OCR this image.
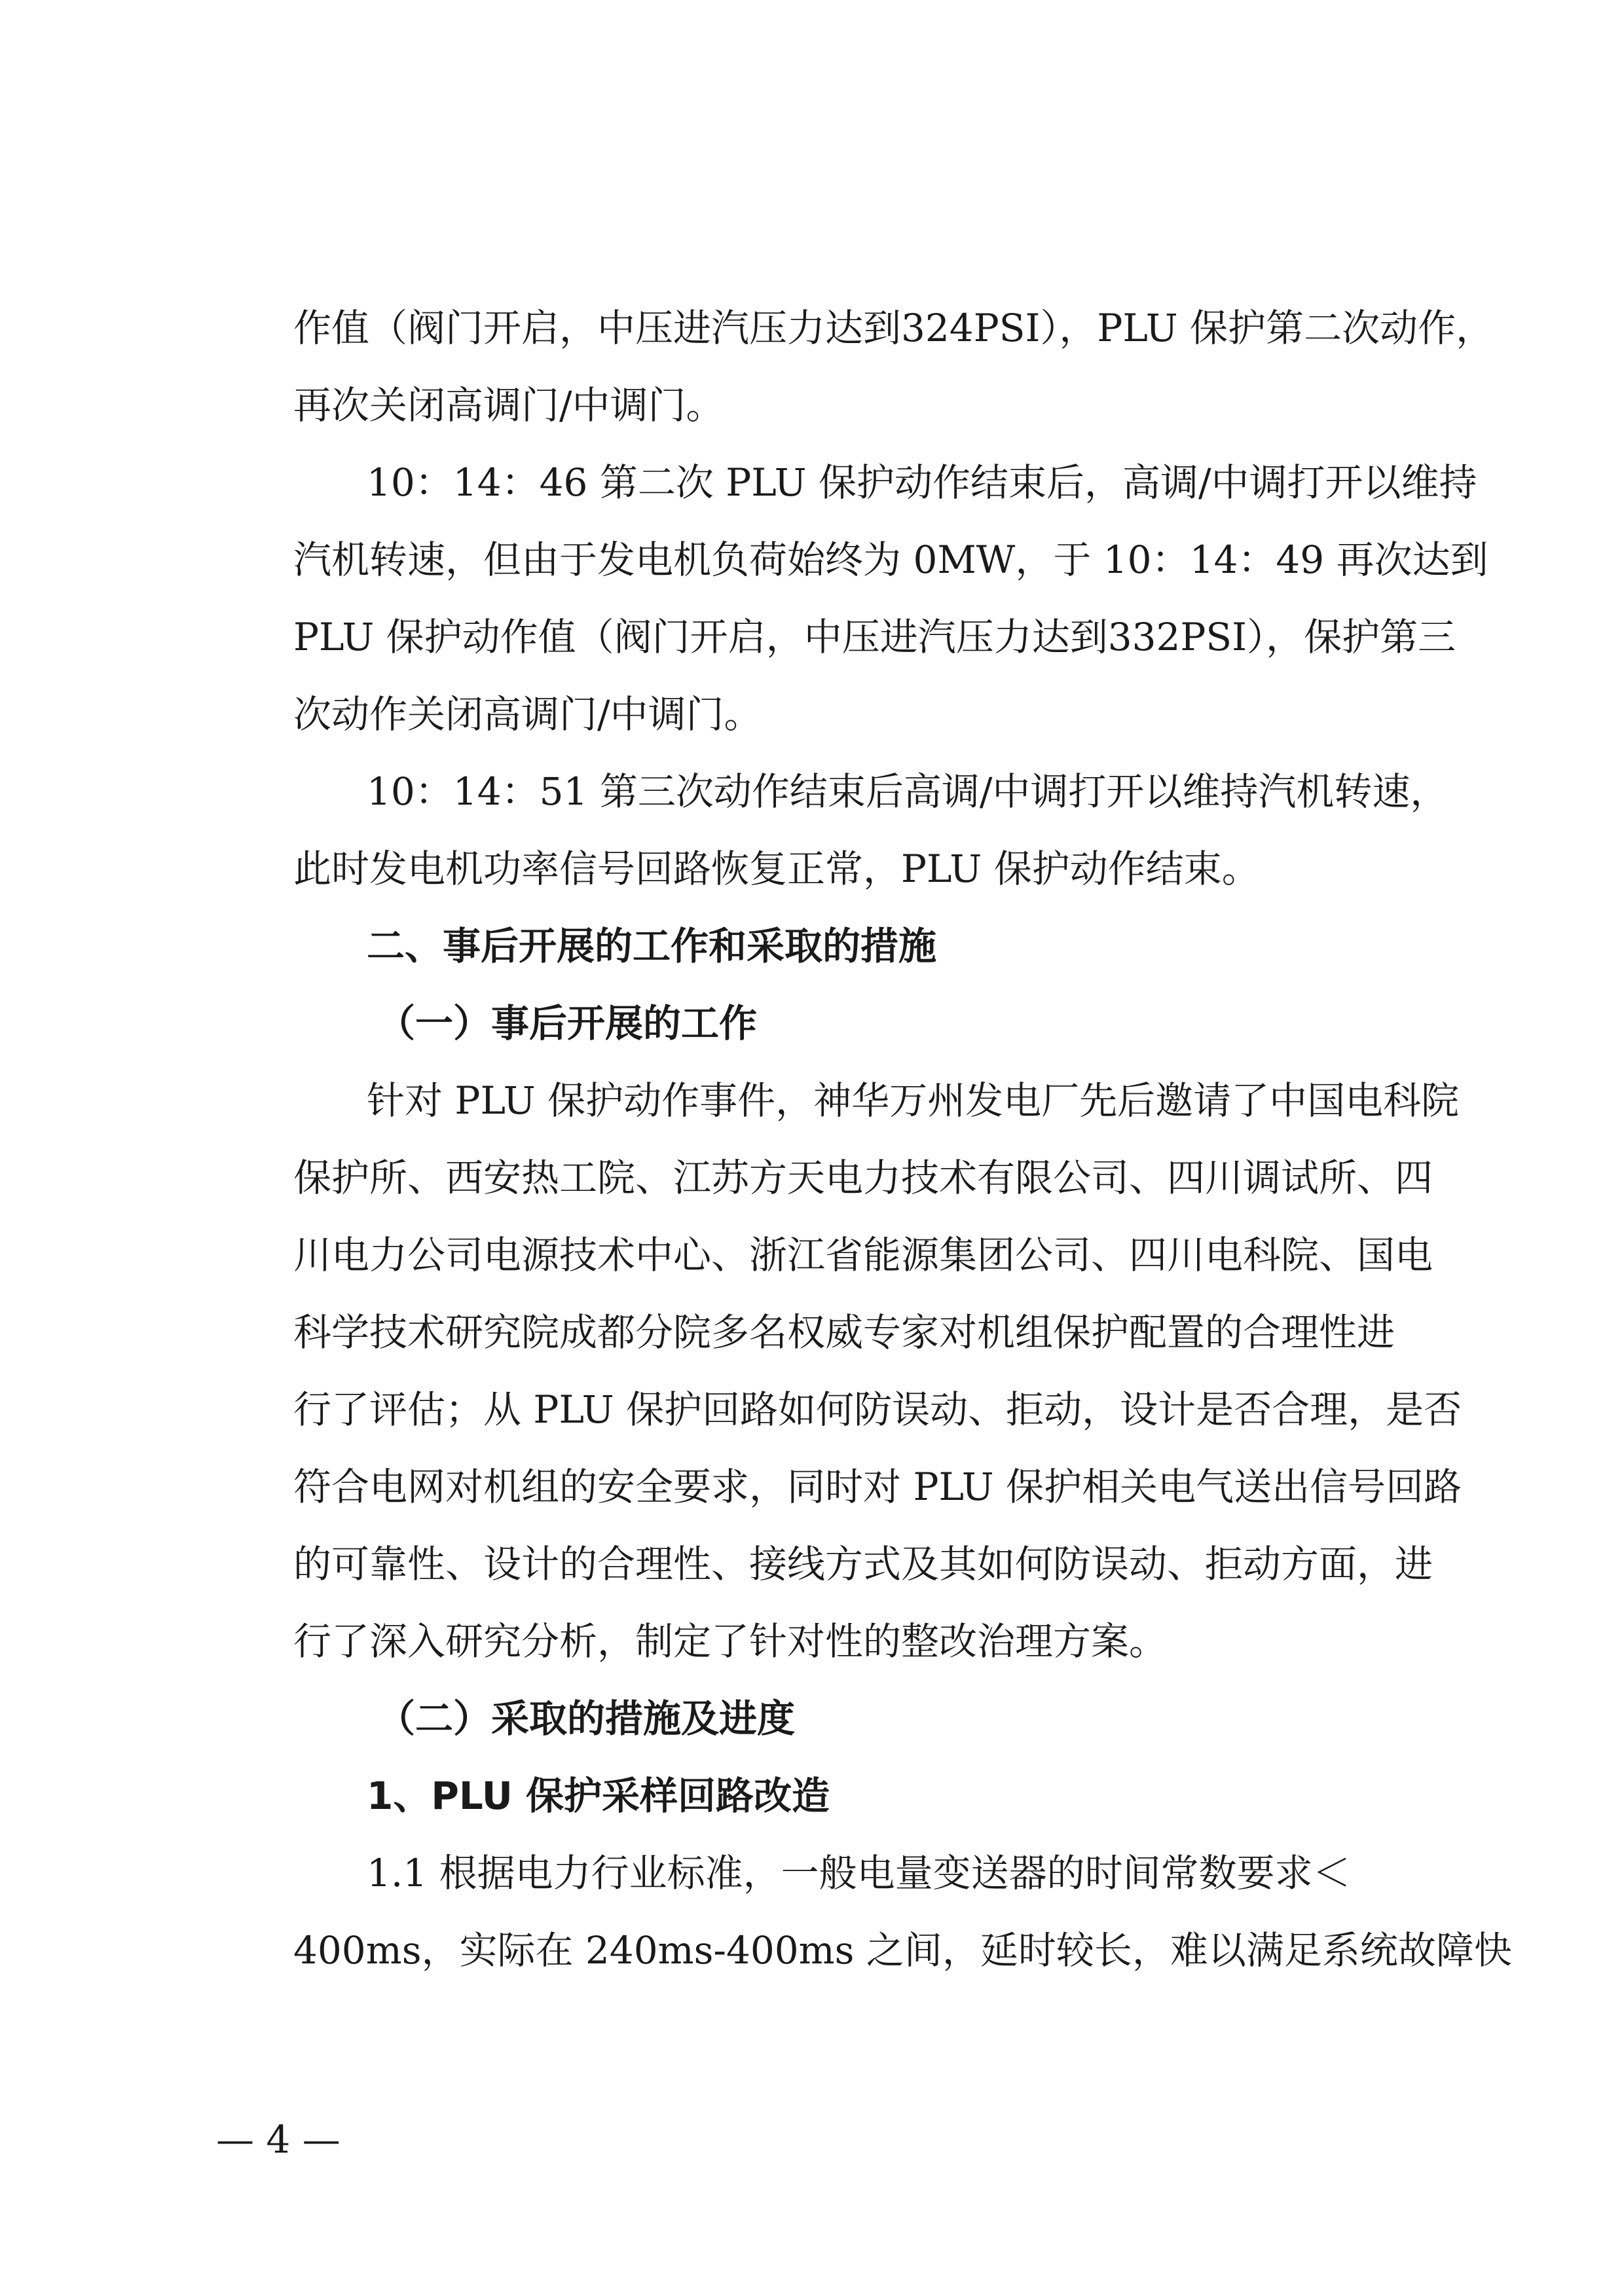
作值（阀门开启，中压进汽压力达到324PSI），PLU 保护第二次动作，
再次关闭高调门/中调门。
10：14：46 第二次 PLU 保护动作结束后，高调/中调打开以维持
汽机转速，但由于发电机负荷始终为 0MW，于 10：14：49 再次达到
PLU 保护动作值（阀门开启，中压进汽压力达到332PSI），保护第三
次动作关闭高调门/中调门。
10：14：51 第三次动作结束后高调/中调打开以维持汽机转速，
此时发电机功率信号回路恢复正常，PLU 保护动作结束。
二、事后开展的工作和采取的措施
（一）事后开展的工作
针对 PLU 保护动作事件，神华万州发电厂先后邀请了中国电科院
保护所、西安热工院、江苏方天电力技术有限公司、四川调试所、四
川电力公司电源技术中心、浙江省能源集团公司、四川电科院、国电
科学技术研究院成都分院多名权威专家对机组保护配置的合理性进
行了评估；从 PLU 保护回路如何防误动、拒动，设计是否合理，是否
符合电网对机组的安全要求，同时对 PLU 保护相关电气送出信号回路
的可靠性、设计的合理性、接线方式及其如何防误动、拒动方面，进
行了深入研究分析，制定了针对性的整改治理方案。
（二）采取的措施及进度
1、PLU 保护采样回路改造
1.1 根据电力行业标准，一般电量变送器的时间常数要求＜
400ms，实际在 240ms-400ms 之间，延时较长，难以满足系统故障快
— 4 —
